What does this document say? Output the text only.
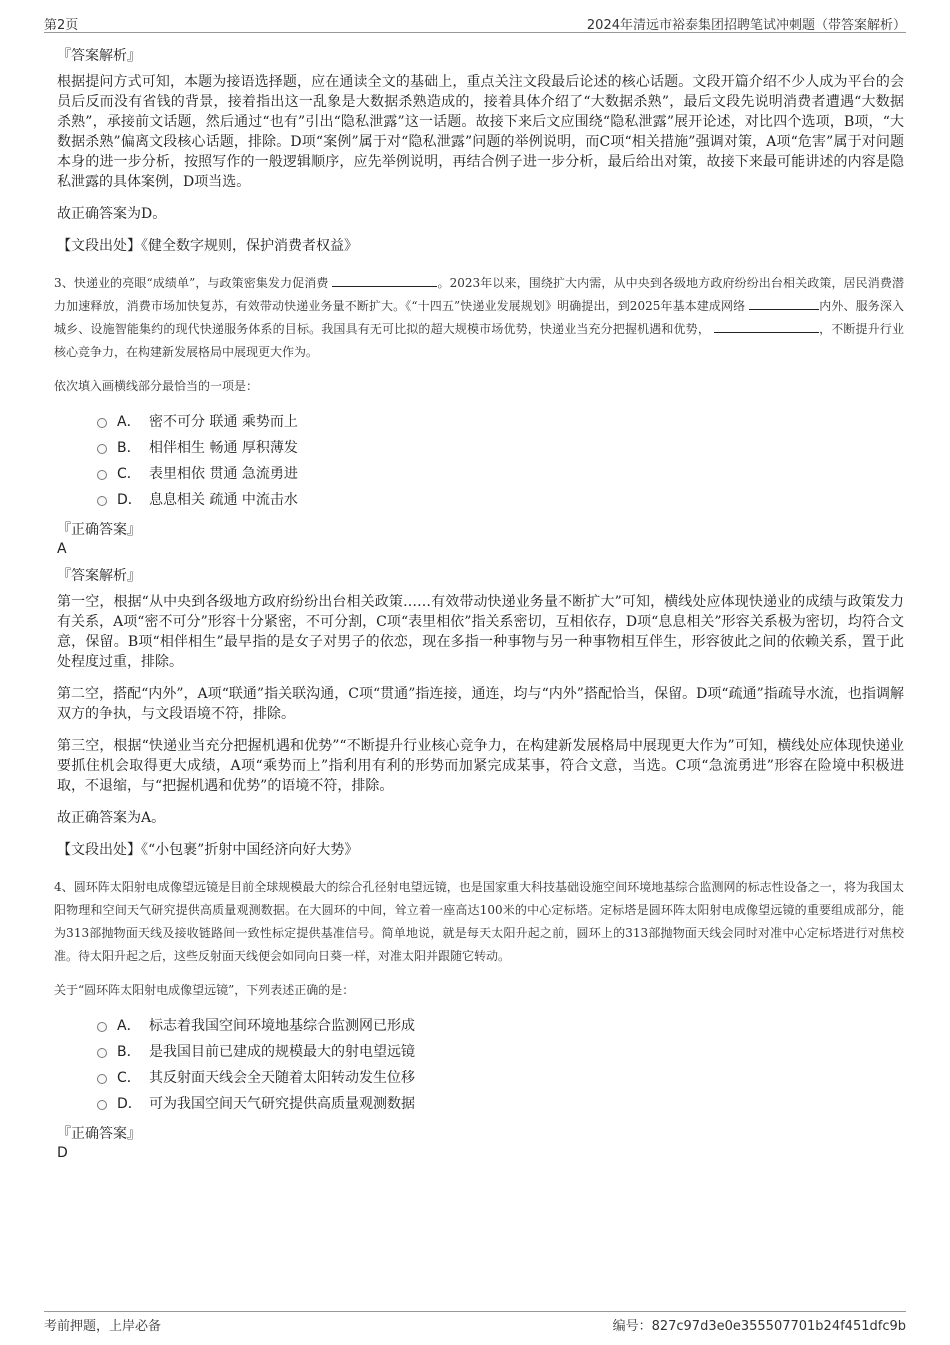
第2页	2024年清远市裕泰集团招聘笔试冲刺题（带答案解析）
『答案解析』

根据提问方式可知，本题为接语选择题，应在通读全文的基础上，重点关注文段最后论述的核心话题。文段开篇介绍不少人成为平台的会员后反而没有省钱的背景，接着指出这一乱象是大数据杀熟造成的，接着具体介绍了“大数据杀熟”，最后文段先说明消费者遭遇“大数据杀熟”，承接前文话题，然后通过“也有”引出“隐私泄露”这一话题。故接下来后文应围绕“隐私泄露”展开论述，对比四个选项，B项，“大数据杀熟”偏离文段核心话题，排除。D项“案例”属于对“隐私泄露”问题的举例说明，而C项“相关措施”强调对策，A项“危害”属于对问题本身的进一步分析，按照写作的一般逻辑顺序，应先举例说明，再结合例子进一步分析，最后给出对策，故接下来最可能讲述的内容是隐私泄露的具体案例，D项当选。

故正确答案为D。

【文段出处】《健全数字规则，保护消费者权益》

3、快递业的亮眼“成绩单”，与政策密集发力促消费	。2023年以来，围绕扩大内需，从中央到各级地方政府纷纷出台相关政策，居民消费潜力加速释放，消费市场加快复苏，有效带动快递业务量不断扩大。《“十四五”快递业发展规划》明确提出，到2025年基本建成网络	内外、服务深入城乡、设施智能集约的现代快递服务体系的目标。我国具有无可比拟的超大规模市场优势，快递业当充分把握机遇和优势，	，不断提升行业核心竞争力，在构建新发展格局中展现更大作为。

依次填入画横线部分最恰当的一项是：
A． 密不可分 联通 乘势而上
B． 相伴相生 畅通 厚积薄发
C． 表里相依 贯通 急流勇进
D． 息息相关 疏通 中流击水
『正确答案』
A
『答案解析』

第一空，根据“从中央到各级地方政府纷纷出台相关政策……有效带动快递业务量不断扩大”可知，横线处应体现快递业的成绩与政策发力有关系，A项“密不可分”形容十分紧密，不可分割，C项“表里相依”指关系密切，互相依存，D项“息息相关”形容关系极为密切，均符合文意，保留。B项“相伴相生”最早指的是女子对男子的依恋，现在多指一种事物与另一种事物相互伴生，形容彼此之间的依赖关系，置于此处程度过重，排除。

第二空，搭配“内外”，A项“联通”指关联沟通，C项“贯通”指连接，通连，均与“内外”搭配恰当，保留。D项“疏通”指疏导水流，也指调解双方的争执，与文段语境不符，排除。

第三空，根据“快递业当充分把握机遇和优势”“不断提升行业核心竞争力，在构建新发展格局中展现更大作为”可知，横线处应体现快递业要抓住机会取得更大成绩，A项“乘势而上”指利用有利的形势而加紧完成某事，符合文意，当选。C项“急流勇进”形容在险境中积极进取，不退缩，与“把握机遇和优势”的语境不符，排除。

故正确答案为A。

【文段出处】《“小包裹”折射中国经济向好大势》

4、圆环阵太阳射电成像望远镜是目前全球规模最大的综合孔径射电望远镜，也是国家重大科技基础设施空间环境地基综合监测网的标志性设备之一，将为我国太阳物理和空间天气研究提供高质量观测数据。在大圆环的中间，耸立着一座高达100米的中心定标塔。定标塔是圆环阵太阳射电成像望远镜的重要组成部分，能为313部抛物面天线及接收链路间一致性标定提供基准信号。简单地说，就是每天太阳升起之前，圆环上的313部抛物面天线会同时对准中心定标塔进行对焦校准。待太阳升起之后，这些反射面天线便会如同向日葵一样，对准太阳并跟随它转动。

关于“圆环阵太阳射电成像望远镜”，下列表述正确的是：
A． 标志着我国空间环境地基综合监测网已形成
B． 是我国目前已建成的规模最大的射电望远镜
C． 其反射面天线会全天随着太阳转动发生位移
D． 可为我国空间天气研究提供高质量观测数据
『正确答案』
D
考前押题，上岸必备	编号：827c97d3e0e355507701b24f451dfc9b
